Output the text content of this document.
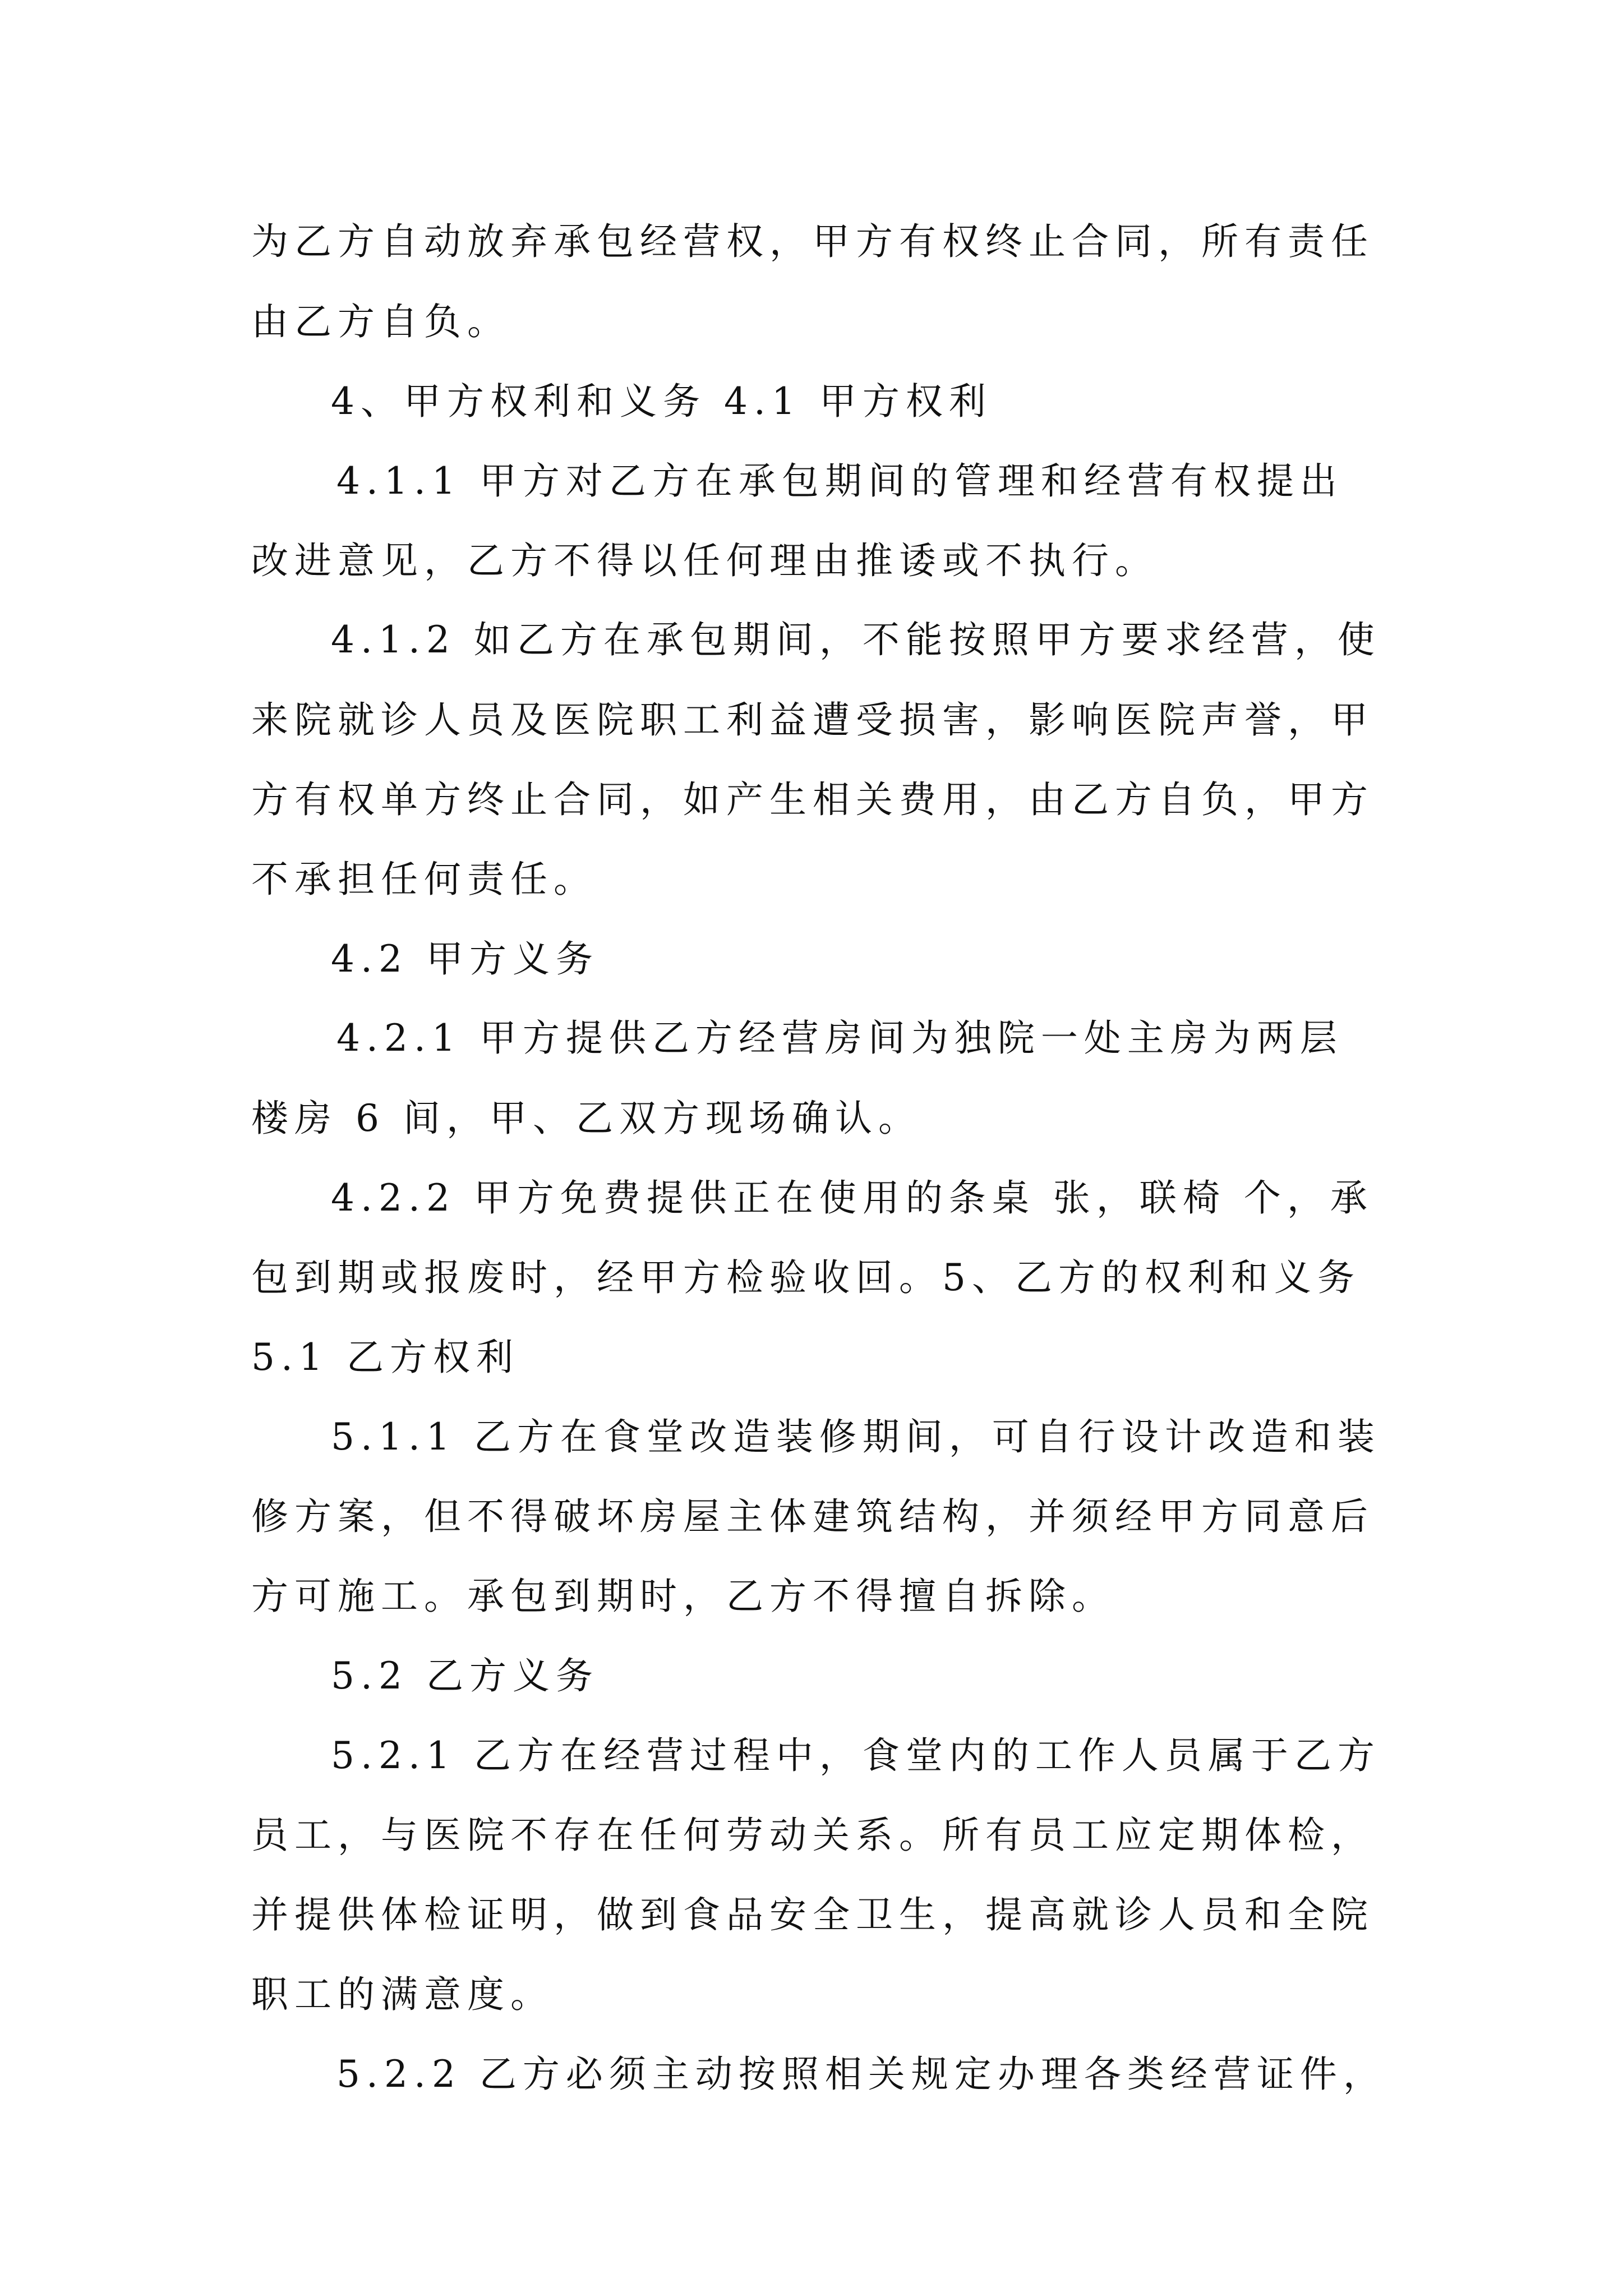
为乙方自动放弃承包经营权，甲方有权终止合同，所有责任
由乙方自负。
4、甲方权利和义务 4.1 甲方权利
4.1.1 甲方对乙方在承包期间的管理和经营有权提出
改进意见，乙方不得以任何理由推诿或不执行。
4.1.2 如乙方在承包期间，不能按照甲方要求经营，使
来院就诊人员及医院职工利益遭受损害，影响医院声誉，甲
方有权单方终止合同，如产生相关费用，由乙方自负，甲方
不承担任何责任。
4.2 甲方义务
4.2.1 甲方提供乙方经营房间为独院一处主房为两层
楼房 6 间，甲、乙双方现场确认。
4.2.2 甲方免费提供正在使用的条桌 张，联椅 个，承
包到期或报废时，经甲方检验收回。5、乙方的权利和义务
5.1 乙方权利
5.1.1 乙方在食堂改造装修期间，可自行设计改造和装
修方案，但不得破坏房屋主体建筑结构，并须经甲方同意后
方可施工。承包到期时，乙方不得擅自拆除。
5.2 乙方义务
5.2.1 乙方在经营过程中，食堂内的工作人员属于乙方
员工，与医院不存在任何劳动关系。所有员工应定期体检，
并提供体检证明，做到食品安全卫生，提高就诊人员和全院
职工的满意度。
5.2.2 乙方必须主动按照相关规定办理各类经营证件，
